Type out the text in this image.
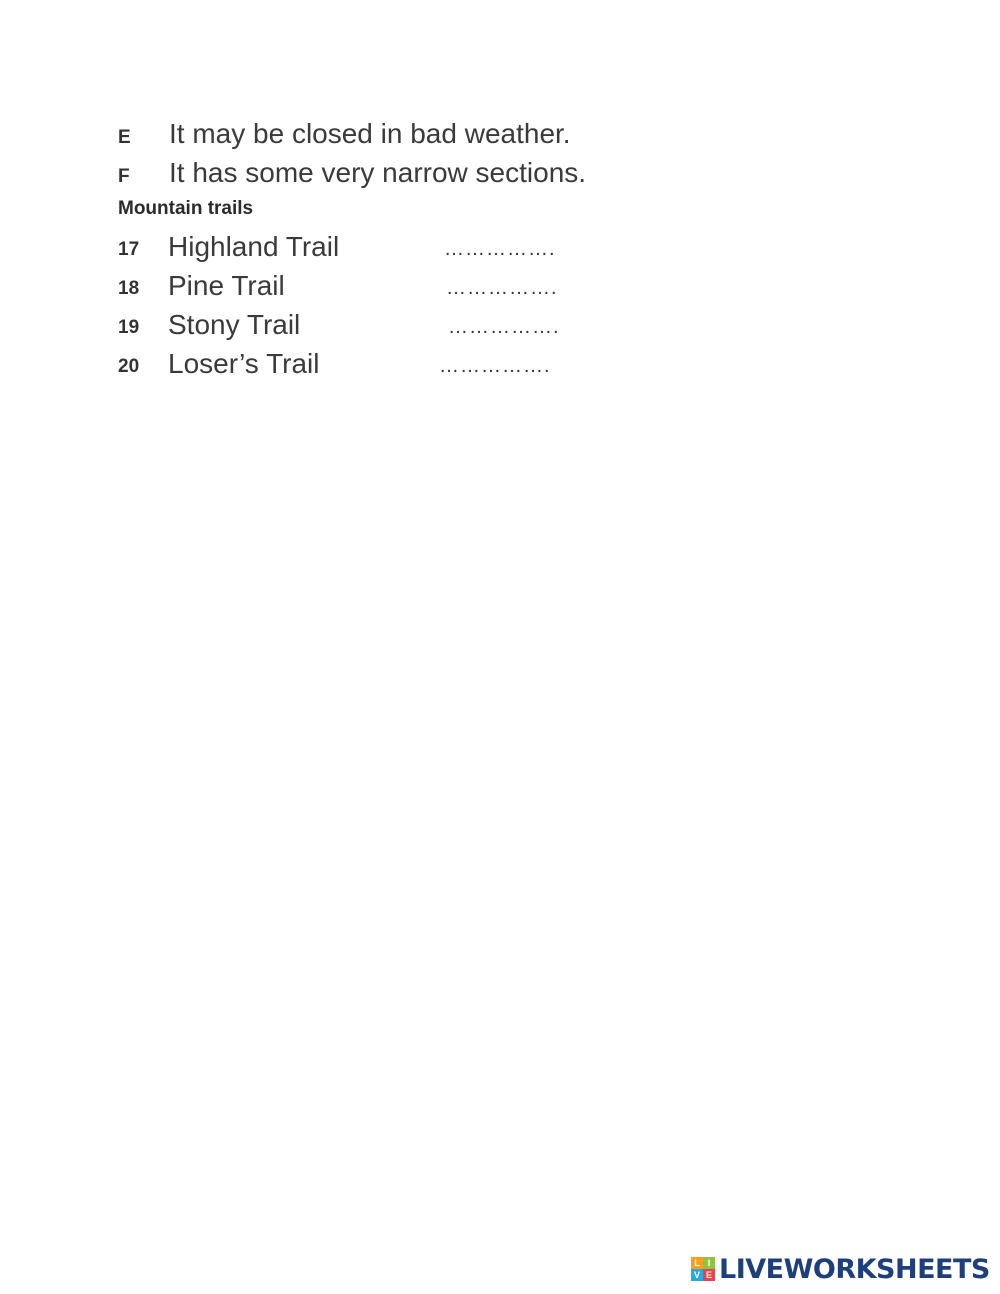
E	It may be closed in bad weather.
F	It has some very narrow sections.
Mountain trails
17 Highland Trail	…………….
18 Pine Trail	…………….
19 Stony Trail	…………….
20 Loser’s Trail	…………….
L I
V E LIVEWORKSHEETS
